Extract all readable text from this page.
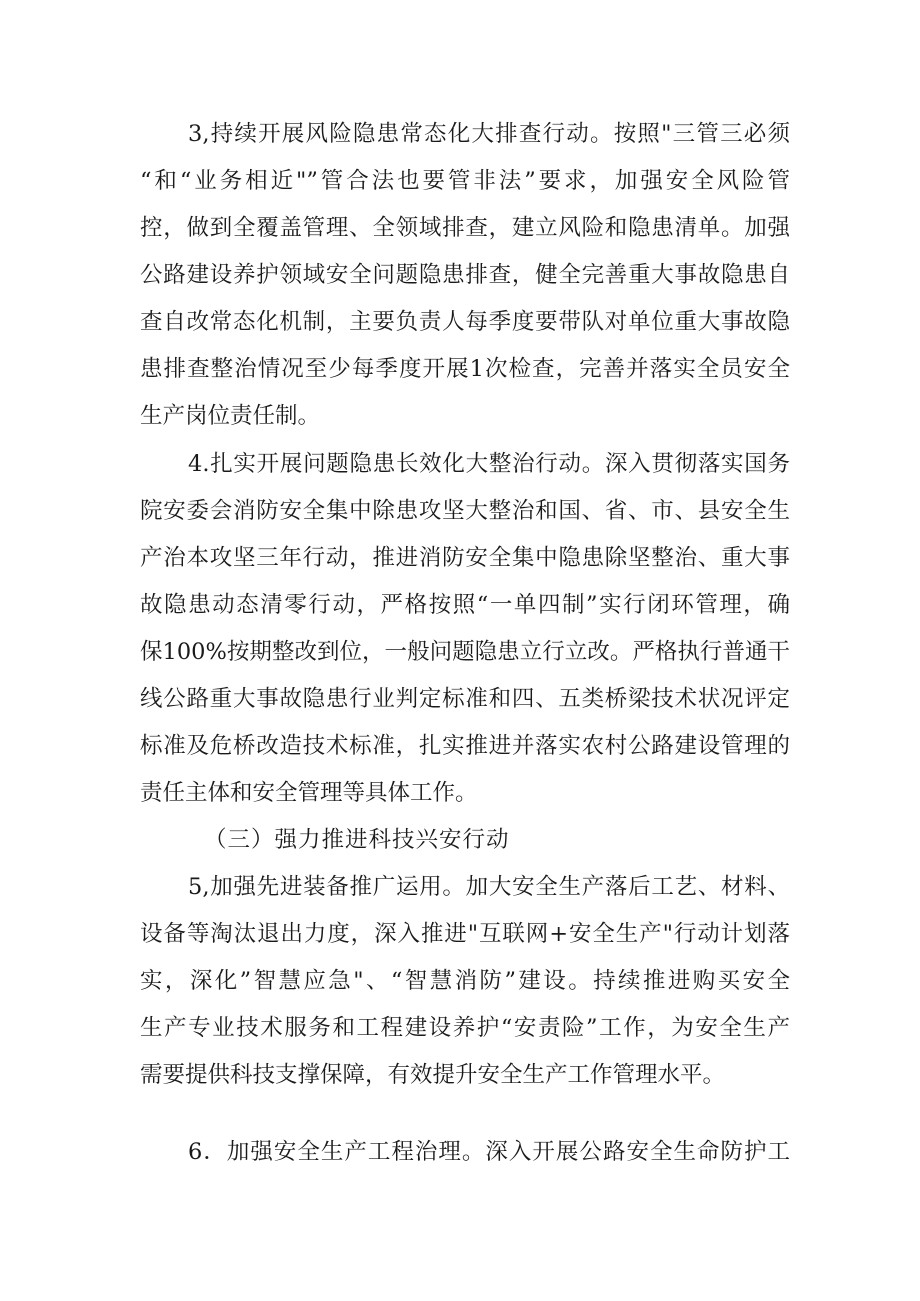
3,持续开展风险隐患常态化大排查行动。按照"三管三必须
“和“业务相近"”管合法也要管非法”要求，加强安全风险管
控，做到全覆盖管理、全领域排查，建立风险和隐患清单。加强
公路建设养护领域安全问题隐患排查，健全完善重大事故隐患自
查自改常态化机制，主要负责人每季度要带队对单位重大事故隐
患排查整治情况至少每季度开展1次检查，完善并落实全员安全
生产岗位责任制。
4.扎实开展问题隐患长效化大整治行动。深入贯彻落实国务
院安委会消防安全集中除患攻坚大整治和国、省、市、县安全生
产治本攻坚三年行动，推进消防安全集中隐患除坚整治、重大事
故隐患动态清零行动，严格按照“一单四制”实行闭环管理，确
保100%按期整改到位，一般问题隐患立行立改。严格执行普通干
线公路重大事故隐患行业判定标准和四、五类桥梁技术状况评定
标准及危桥改造技术标准，扎实推进并落实农村公路建设管理的
责任主体和安全管理等具体工作。
（三）强力推进科技兴安行动
5,加强先进装备推广运用。加大安全生产落后工艺、材料、
设备等淘汰退出力度，深入推进"互联网+安全生产"行动计划落
实，深化”智慧应急"、“智慧消防”建设。持续推进购买安全
生产专业技术服务和工程建设养护“安责险”工作，为安全生产
需要提供科技支撑保障，有效提升安全生产工作管理水平。
6．加强安全生产工程治理。深入开展公路安全生命防护工
